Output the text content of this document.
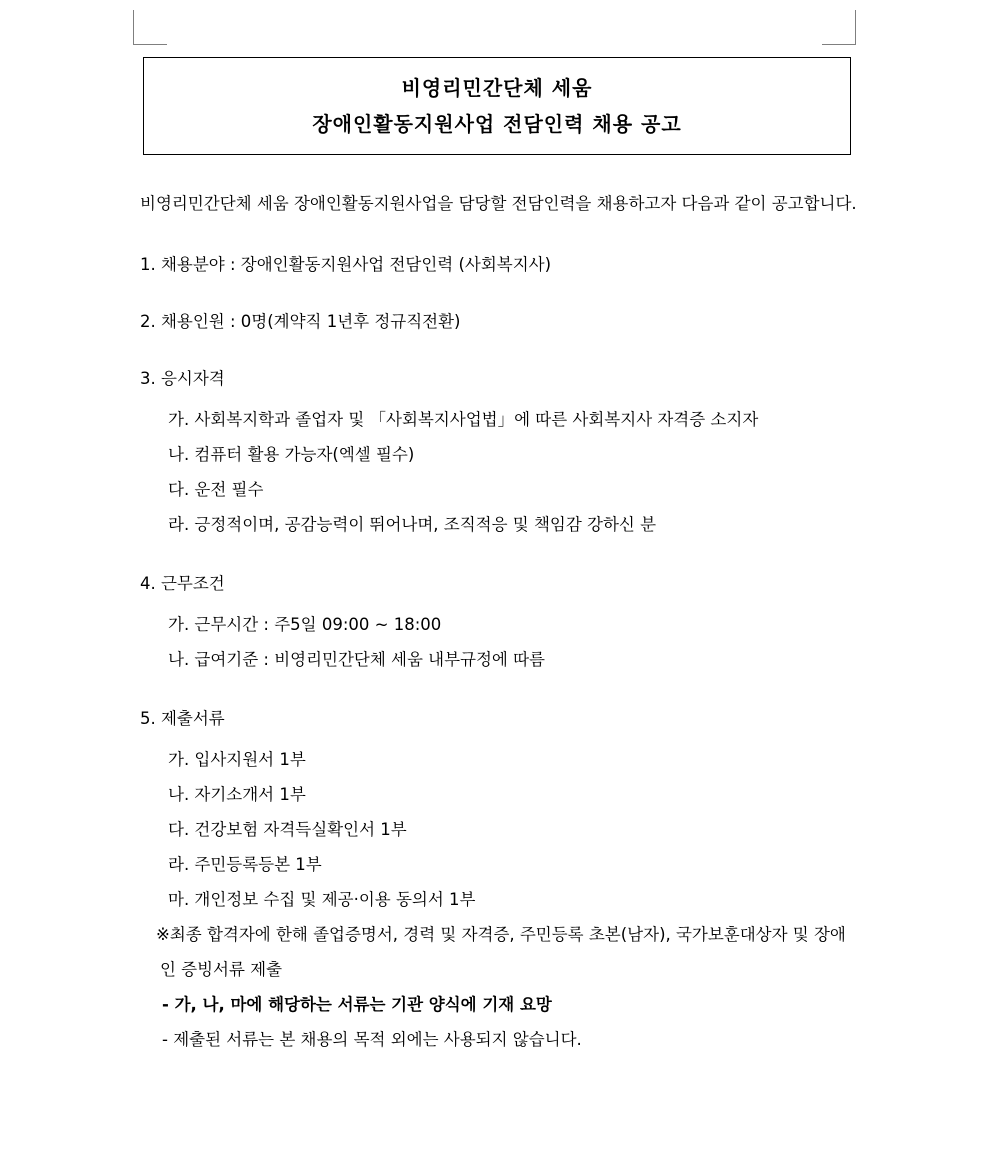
비영리민간단체 세움
장애인활동지원사업 전담인력 채용 공고

비영리민간단체 세움 장애인활동지원사업을 담당할 전담인력을 채용하고자 다음과 같이 공고합니다.

1. 채용분야 : 장애인활동지원사업 전담인력 (사회복지사)

2. 채용인원 : 0명(계약직 1년후 정규직전환)

3. 응시자격

가. 사회복지학과 졸업자 및 「사회복지사업법」에 따른 사회복지사 자격증 소지자

나. 컴퓨터 활용 가능자(엑셀 필수)

다. 운전 필수

라. 긍정적이며, 공감능력이 뛰어나며, 조직적응 및 책임감 강하신 분

4. 근무조건

가. 근무시간 : 주5일 09:00 ~ 18:00

나. 급여기준 : 비영리민간단체 세움 내부규정에 따름

5. 제출서류

가. 입사지원서 1부

나. 자기소개서 1부

다. 건강보험 자격득실확인서 1부

라. 주민등록등본 1부

마. 개인정보 수집 및 제공·이용 동의서 1부

※최종 합격자에 한해 졸업증명서, 경력 및 자격증, 주민등록 초본(남자), 국가보훈대상자 및 장애인 증빙서류 제출

- 가, 나, 마에 해당하는 서류는 기관 양식에 기재 요망

- 제출된 서류는 본 채용의 목적 외에는 사용되지 않습니다.
